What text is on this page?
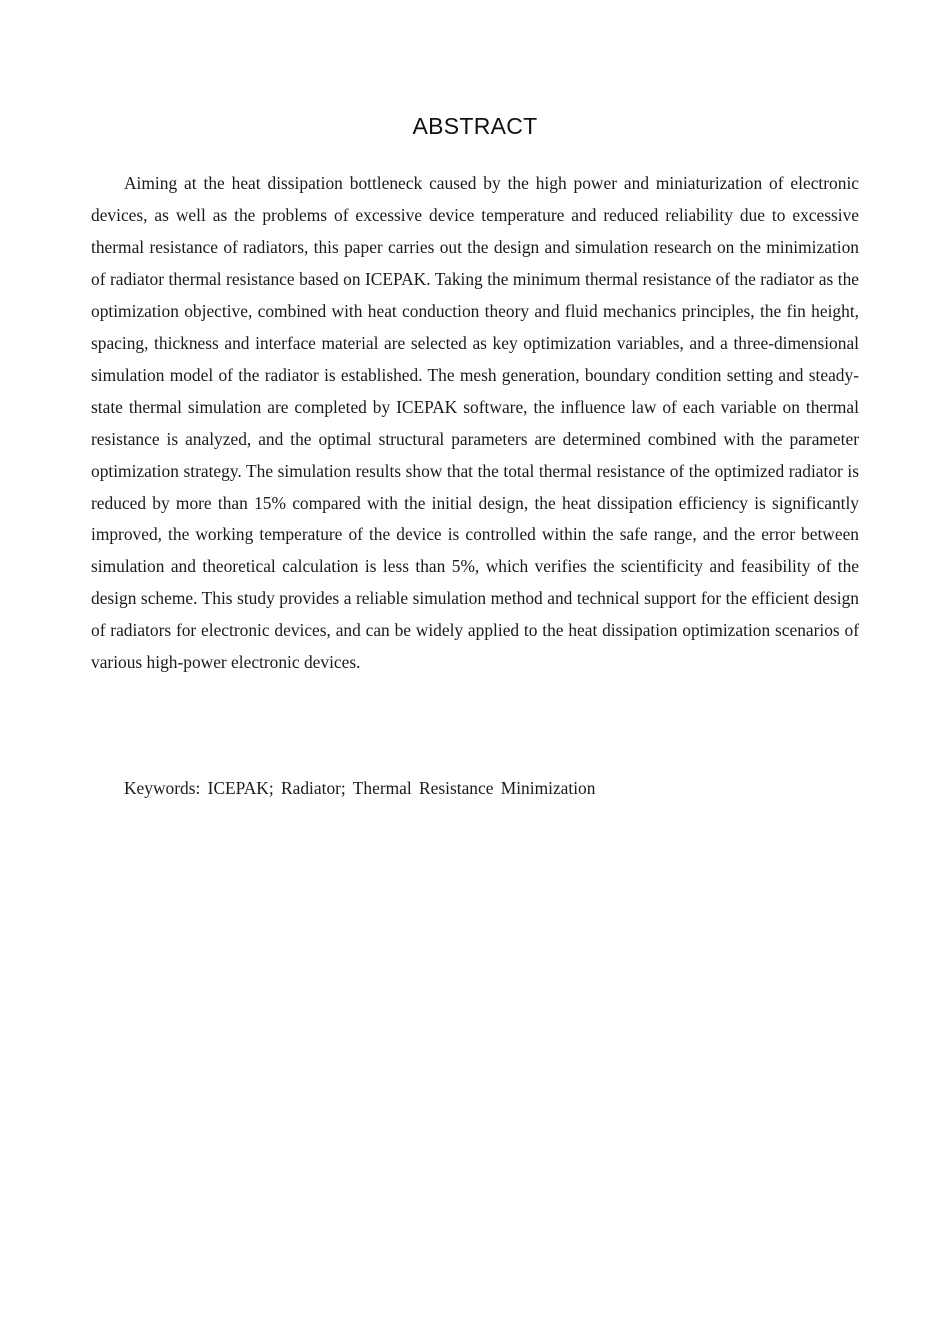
ABSTRACT

Aiming at the heat dissipation bottleneck caused by the high power and miniaturization of electronic devices, as well as the problems of excessive device temperature and reduced reliability due to excessive thermal resistance of radiators, this paper carries out the design and simulation research on the minimization of radiator thermal resistance based on ICEPAK. Taking the minimum thermal resistance of the radiator as the optimization objective, combined with heat conduction theory and fluid mechanics principles, the fin height, spacing, thickness and interface material are selected as key optimization variables, and a three-dimensional simulation model of the radiator is established. The mesh generation, boundary condition setting and steady-state thermal simulation are completed by ICEPAK software, the influence law of each variable on thermal resistance is analyzed, and the optimal structural parameters are determined combined with the parameter optimization strategy. The simulation results show that the total thermal resistance of the optimized radiator is reduced by more than 15% compared with the initial design, the heat dissipation efficiency is significantly improved, the working temperature of the device is controlled within the safe range, and the error between simulation and theoretical calculation is less than 5%, which verifies the scientificity and feasibility of the design scheme. This study provides a reliable simulation method and technical support for the efficient design of radiators for electronic devices, and can be widely applied to the heat dissipation optimization scenarios of various high-power electronic devices.

Keywords: ICEPAK; Radiator; Thermal Resistance Minimization
